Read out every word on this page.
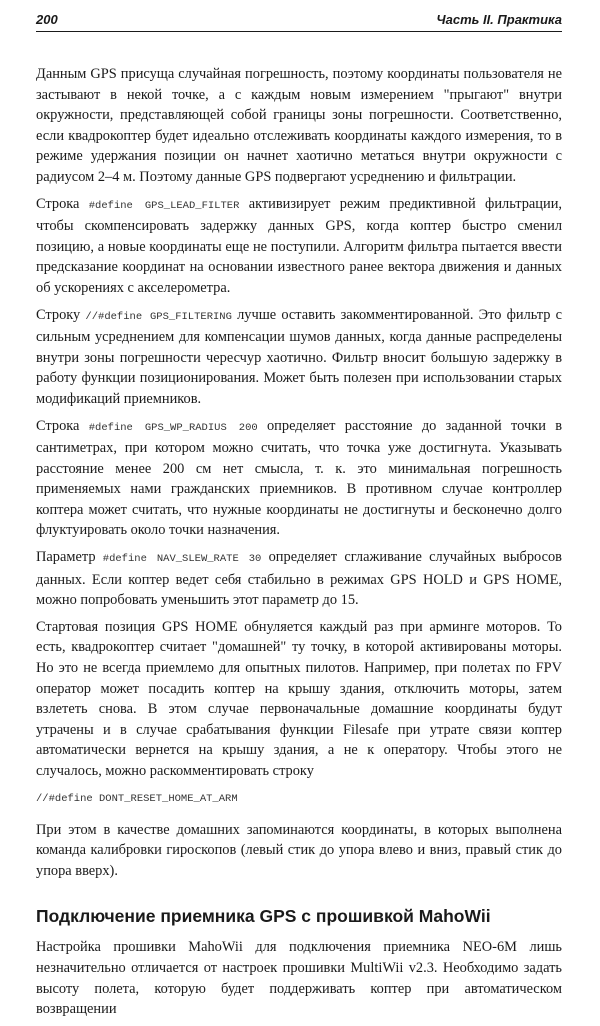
200	Часть II. Практика

Данным GPS присуща случайная погрешность, поэтому координаты пользователя не застывают в некой точке, а с каждым новым измерением "прыгают" внутри окружности, представляющей собой границы зоны погрешности. Соответственно, если квадрокоптер будет идеально отслеживать координаты каждого измерения, то в режиме удержания позиции он начнет хаотично метаться внутри окружности с радиусом 2–4 м. Поэтому данные GPS подвергают усреднению и фильтрации.

Строка #define GPS_LEAD_FILTER активизирует режим предиктивной фильтрации, чтобы скомпенсировать задержку данных GPS, когда коптер быстро сменил позицию, а новые координаты еще не поступили. Алгоритм фильтра пытается ввести предсказание координат на основании известного ранее вектора движения и данных об ускорениях с акселерометра.

Строку //#define GPS_FILTERING лучше оставить закомментированной. Это фильтр с сильным усреднением для компенсации шумов данных, когда данные распределены внутри зоны погрешности чересчур хаотично. Фильтр вносит большую задержку в работу функции позиционирования. Может быть полезен при использовании старых модификаций приемников.

Строка #define GPS_WP_RADIUS 200 определяет расстояние до заданной точки в сантиметрах, при котором можно считать, что точка уже достигнута. Указывать расстояние менее 200 см нет смысла, т. к. это минимальная погрешность применяемых нами гражданских приемников. В противном случае контроллер коптера может считать, что нужные координаты не достигнуты и бесконечно долго флуктуировать около точки назначения.

Параметр #define NAV_SLEW_RATE 30 определяет сглаживание случайных выбросов данных. Если коптер ведет себя стабильно в режимах GPS HOLD и GPS HOME, можно попробовать уменьшить этот параметр до 15.

Стартовая позиция GPS HOME обнуляется каждый раз при арминге моторов. То есть, квадрокоптер считает "домашней" ту точку, в которой активированы моторы. Но это не всегда приемлемо для опытных пилотов. Например, при полетах по FPV оператор может посадить коптер на крышу здания, отключить моторы, затем взлететь снова. В этом случае первоначальные домашние координаты будут утрачены и в случае срабатывания функции Filesafe при утрате связи коптер автоматически вернется на крышу здания, а не к оператору. Чтобы этого не случалось, можно раскомментировать строку

//#define DONT_RESET_HOME_AT_ARM

При этом в качестве домашних запоминаются координаты, в которых выполнена команда калибровки гироскопов (левый стик до упора влево и вниз, правый стик до упора вверх).

Подключение приемника GPS с прошивкой MahoWii

Настройка прошивки MahoWii для подключения приемника NEO-6M лишь незначительно отличается от настроек прошивки MultiWii v2.3. Необходимо задать высоту полета, которую будет поддерживать коптер при автоматическом возвращении
